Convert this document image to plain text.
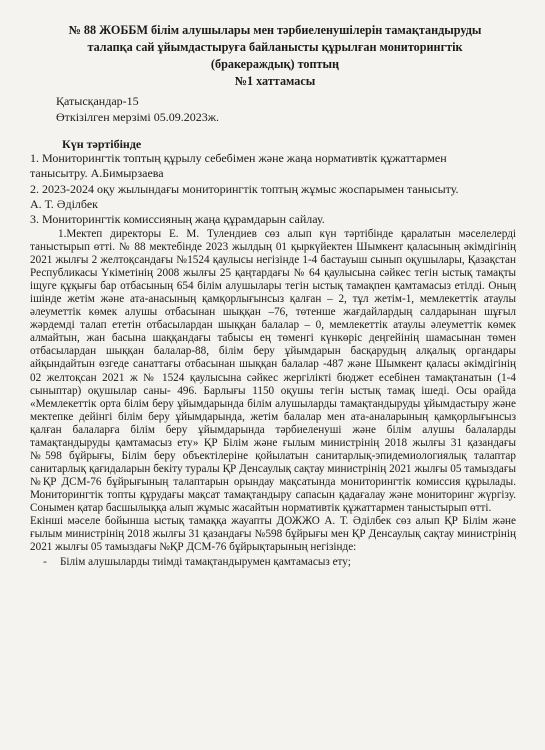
№ 88 ЖОББМ білім алушылары мен тәрбиеленушілерін тамақтандыруды
талапқа сай ұйымдастыруға байланысты құрылған мониторингтік
(бракераждық) топтың
№1 хаттамасы
Қатысқандар-15
Өткізілген мерзімі 05.09.2023ж.
Күн тәртібінде
1. Мониторингтік топтың құрылу себебімен және жаңа нормативтік құжаттармен
танысытру. А.Бимырзаева
2. 2023-2024 оқу жылындағы мониторингтік топтың жұмыс жоспарымен танысыту.
А. Т. Әділбек
3. Мониторингтік комиссияның жаңа құрамдарын сайлау.

1.Мектеп директоры Е. М. Тулендиев сөз алып күн тәртібінде қаралатын мәселелерді таныстырып өтті. № 88 мектебінде 2023 жылдың 01 қыркүйектен Шымкент қаласының әкімдігінің 2021 жылғы 2 желтоқсандағы №1524 қаулысы негізінде 1-4 бастауыш сынып оқушылары, Қазақстан Республикасы Үкіметінің 2008 жылғы 25 қаңтардағы № 64 қаулысына сәйкес тегін ыстық тамақты іщуге құқығы бар отбасының 654 білім алушылары тегін ыстық тамақпен қамтамасыз етілді. Оның ішінде жетім және ата-анасының қамқорлығынсыз қалған – 2, тұл жетім-1, мемлекеттік атаулы әлеуметтік көмек алушы отбасынан шыққан –76, төтенше жағдайлардың салдарынан шұғыл жәрдемді талап ететін отбасылардан шыққан балалар – 0, мемлекеттік атаулы әлеуметтік көмек алмайтын, жан басына шаққандағы табысы ең төменгі күнкөріс деңгейінің шамасынан төмен отбасылардан шыққан балалар-88, білім беру ұйымдарын басқарудың алқалық органдары айқындайтын өзгеде санаттағы отбасынан шыққан балалар -487 және Шымкент қаласы әкімдігінің 02 желтоқсан 2021 ж № 1524 қаулысына сәйкес жергілікті бюджет есебінен тамақтанатын (1-4 сыныптар) оқушылар саны- 496. Барлығы 1150 оқушы тегін ыстық тамақ ішеді. Осы орайда «Мемлекеттік орта білім беру ұйымдарында білім алушыларды тамақтандыруды ұйымдастыру және мектепке дейінгі білім беру ұйымдарында, жетім балалар мен ата-аналарының қамқорлығынсыз қалған балаларға білім беру ұйымдарында тәрбиеленуші және білім алушы балаларды тамақтандыруды қамтамасыз ету» ҚР Білім және ғылым министрінің 2018 жылғы 31 қазандағы №598 бұйрығы, Білім беру объектілеріне қойылатын санитарлық-эпидемиологиялық талаптар санитарлық қағидаларын бекіту туралы ҚР Денсаулық сақтау министрінің 2021 жылғы 05 тамыздағы №ҚР ДСМ-76 бұйрығының талаптарын орындау мақсатында мониторингтік комиссия құрылады. Мониторингтік топты құрудағы мақсат тамақтандыру сапасын қадағалау және мониторинг жүргізу. Сонымен қатар басшылыққа алып жұмыс жасайтын нормативтік құжаттармен таныстырып өтті.

Екінші мәселе бойынша ыстық тамаққа жауапты ДОЖЖО А. Т. Әділбек сөз алып ҚР Білім және ғылым министрінің 2018 жылғы 31 қазандағы №598 бұйрығы мен ҚР Денсаулық сақтау министрінің 2021 жылғы 05 тамыздағы №ҚР ДСМ-76 бұйрықтарының негізінде:

-	Білім алушыларды тиімді тамақтандырумен қамтамасыз ету;
